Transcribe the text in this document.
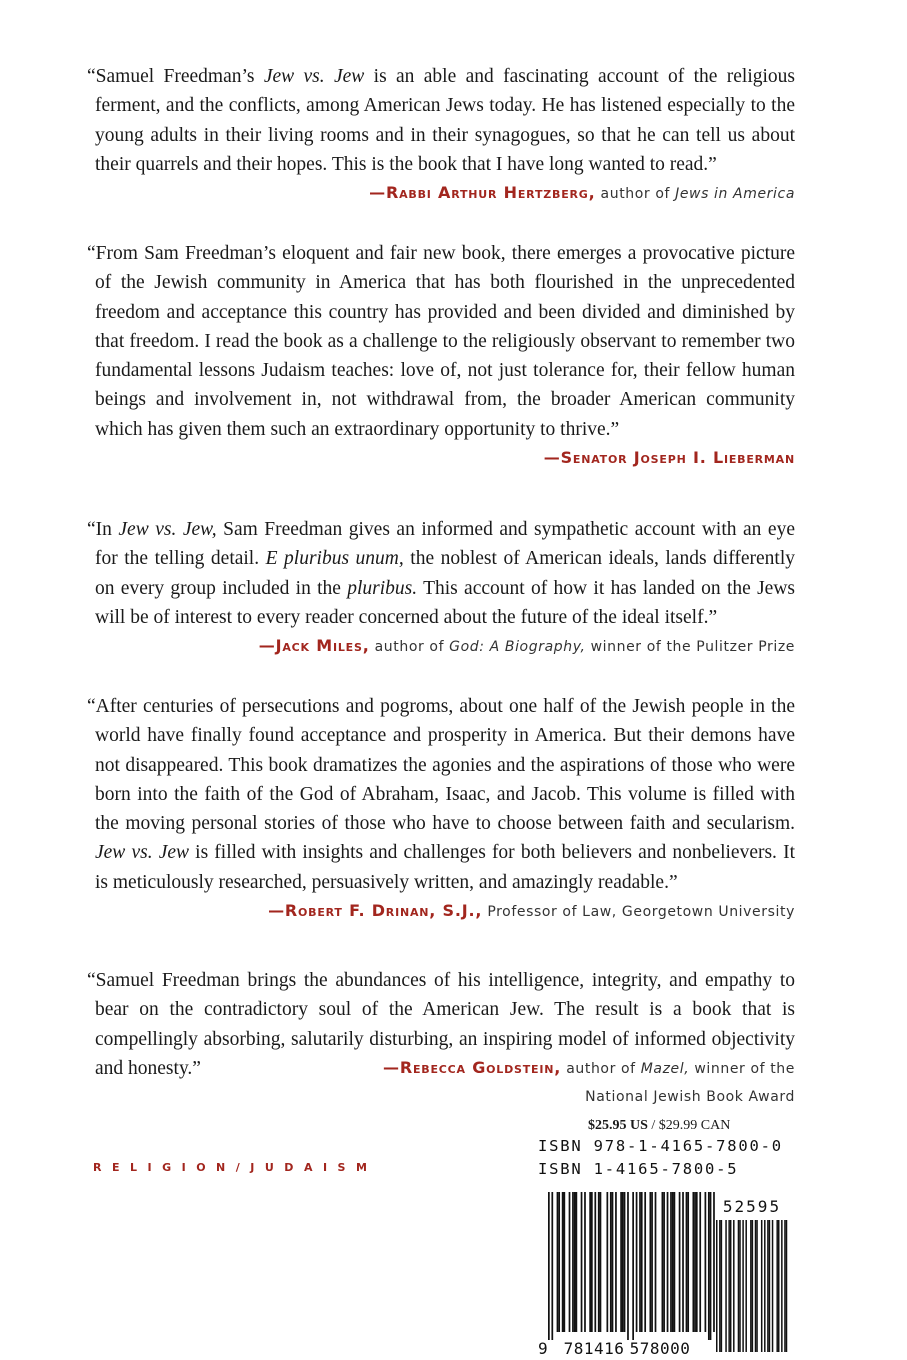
“Samuel Freedman’s Jew vs. Jew is an able and fascinating account of the religious ferment, and the conflicts, among American Jews today. He has listened especially to the young adults in their living rooms and in their synagogues, so that he can tell us about their quarrels and their hopes. This is the book that I have long wanted to read.”

—Rabbi Arthur Hertzberg, author of Jews in America

“From Sam Freedman’s eloquent and fair new book, there emerges a provocative picture of the Jewish community in America that has both flourished in the unprecedented freedom and acceptance this country has provided and been divided and diminished by that freedom. I read the book as a challenge to the religiously observant to remember two fundamental lessons Judaism teaches: love of, not just tolerance for, their fellow human beings and involvement in, not withdrawal from, the broader American community which has given them such an extraordinary opportunity to thrive.”

—Senator Joseph I. Lieberman

“In Jew vs. Jew, Sam Freedman gives an informed and sympathetic account with an eye for the telling detail. E pluribus unum, the noblest of American ideals, lands differently on every group included in the pluribus. This account of how it has landed on the Jews will be of interest to every reader concerned about the future of the ideal itself.”

—Jack Miles, author of God: A Biography, winner of the Pulitzer Prize

“After centuries of persecutions and pogroms, about one half of the Jewish people in the world have finally found acceptance and prosperity in America. But their demons have not disappeared. This book dramatizes the agonies and the aspirations of those who were born into the faith of the God of Abraham, Isaac, and Jacob. This volume is filled with the moving personal stories of those who have to choose between faith and secularism. Jew vs. Jew is filled with insights and challenges for both believers and nonbelievers. It is meticulously researched, persuasively written, and amazingly readable.”

—Robert F. Drinan, S.J., Professor of Law, Georgetown University

“Samuel Freedman brings the abundances of his intelligence, integrity, and empathy to bear on the contradictory soul of the American Jew. The result is a book that is compellingly absorbing, salutarily disturbing, an inspiring model of informed objectivity and honesty.”	—Rebecca Goldstein, author of Mazel, winner of the
National Jewish Book Award

RELIGION/JUDAISM
$25.95 US / $29.99 CAN
ISBN 978-1-4165-7800-0
ISBN 1-4165-7800-5
52595
9 781416 578000
